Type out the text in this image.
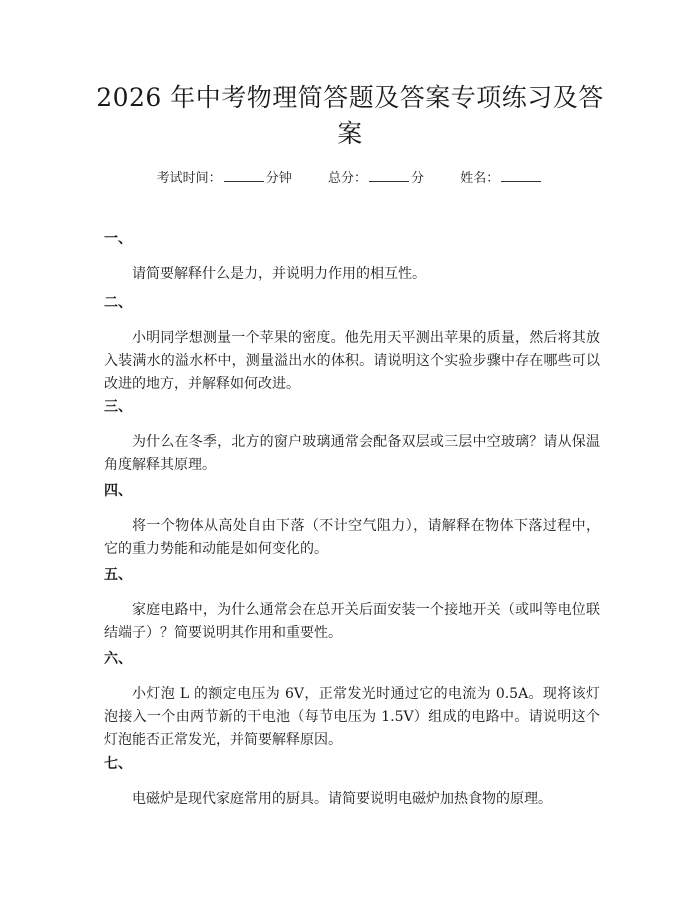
2026 年中考物理简答题及答案专项练习及答案
考试时间：	分钟	总分：	分	姓名：

一、

请简要解释什么是力，并说明力作用的相互性。

二、

小明同学想测量一个苹果的密度。他先用天平测出苹果的质量，然后将其放入装满水的溢水杯中，测量溢出水的体积。请说明这个实验步骤中存在哪些可以改进的地方，并解释如何改进。

三、

为什么在冬季，北方的窗户玻璃通常会配备双层或三层中空玻璃？请从保温角度解释其原理。

四、

将一个物体从高处自由下落（不计空气阻力），请解释在物体下落过程中，它的重力势能和动能是如何变化的。

五、

家庭电路中，为什么通常会在总开关后面安装一个接地开关（或叫等电位联结端子）？简要说明其作用和重要性。

六、

小灯泡 L 的额定电压为 6V，正常发光时通过它的电流为 0.5A。现将该灯泡接入一个由两节新的干电池（每节电压为 1.5V）组成的电路中。请说明这个灯泡能否正常发光，并简要解释原因。

七、

电磁炉是现代家庭常用的厨具。请简要说明电磁炉加热食物的原理。
